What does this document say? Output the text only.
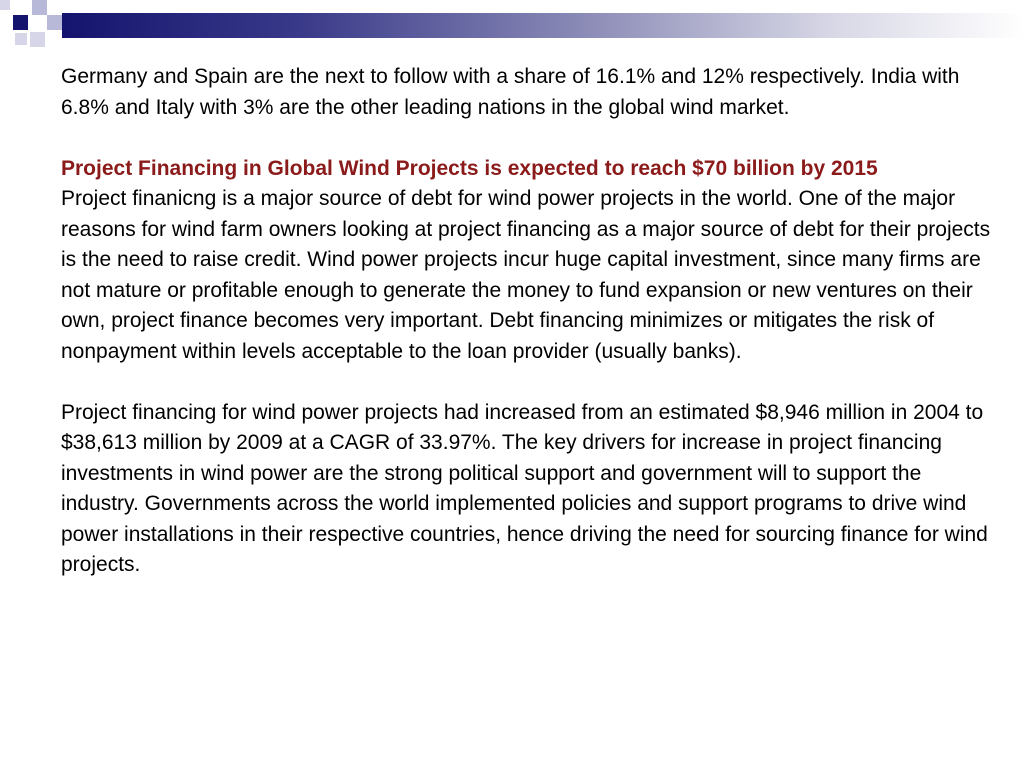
Germany and Spain are the next to follow with a share of 16.1% and 12% respectively. India with 6.8% and Italy with 3% are the other leading nations in the global wind market.

Project Financing in Global Wind Projects is expected to reach $70 billion by 2015

Project finanicng is a major source of debt for wind power projects in the world. One of the major reasons for wind farm owners looking at project financing as a major source of debt for their projects is the need to raise credit. Wind power projects incur huge capital investment, since many firms are not mature or profitable enough to generate the money to fund expansion or new ventures on their own, project finance becomes very important. Debt financing minimizes or mitigates the risk of nonpayment within levels acceptable to the loan provider (usually banks).

Project financing for wind power projects had increased from an estimated $8,946 million in 2004 to $38,613 million by 2009 at a CAGR of 33.97%. The key drivers for increase in project financing investments in wind power are the strong political support and government will to support the industry. Governments across the world implemented policies and support programs to drive wind power installations in their respective countries, hence driving the need for sourcing finance for wind projects.
